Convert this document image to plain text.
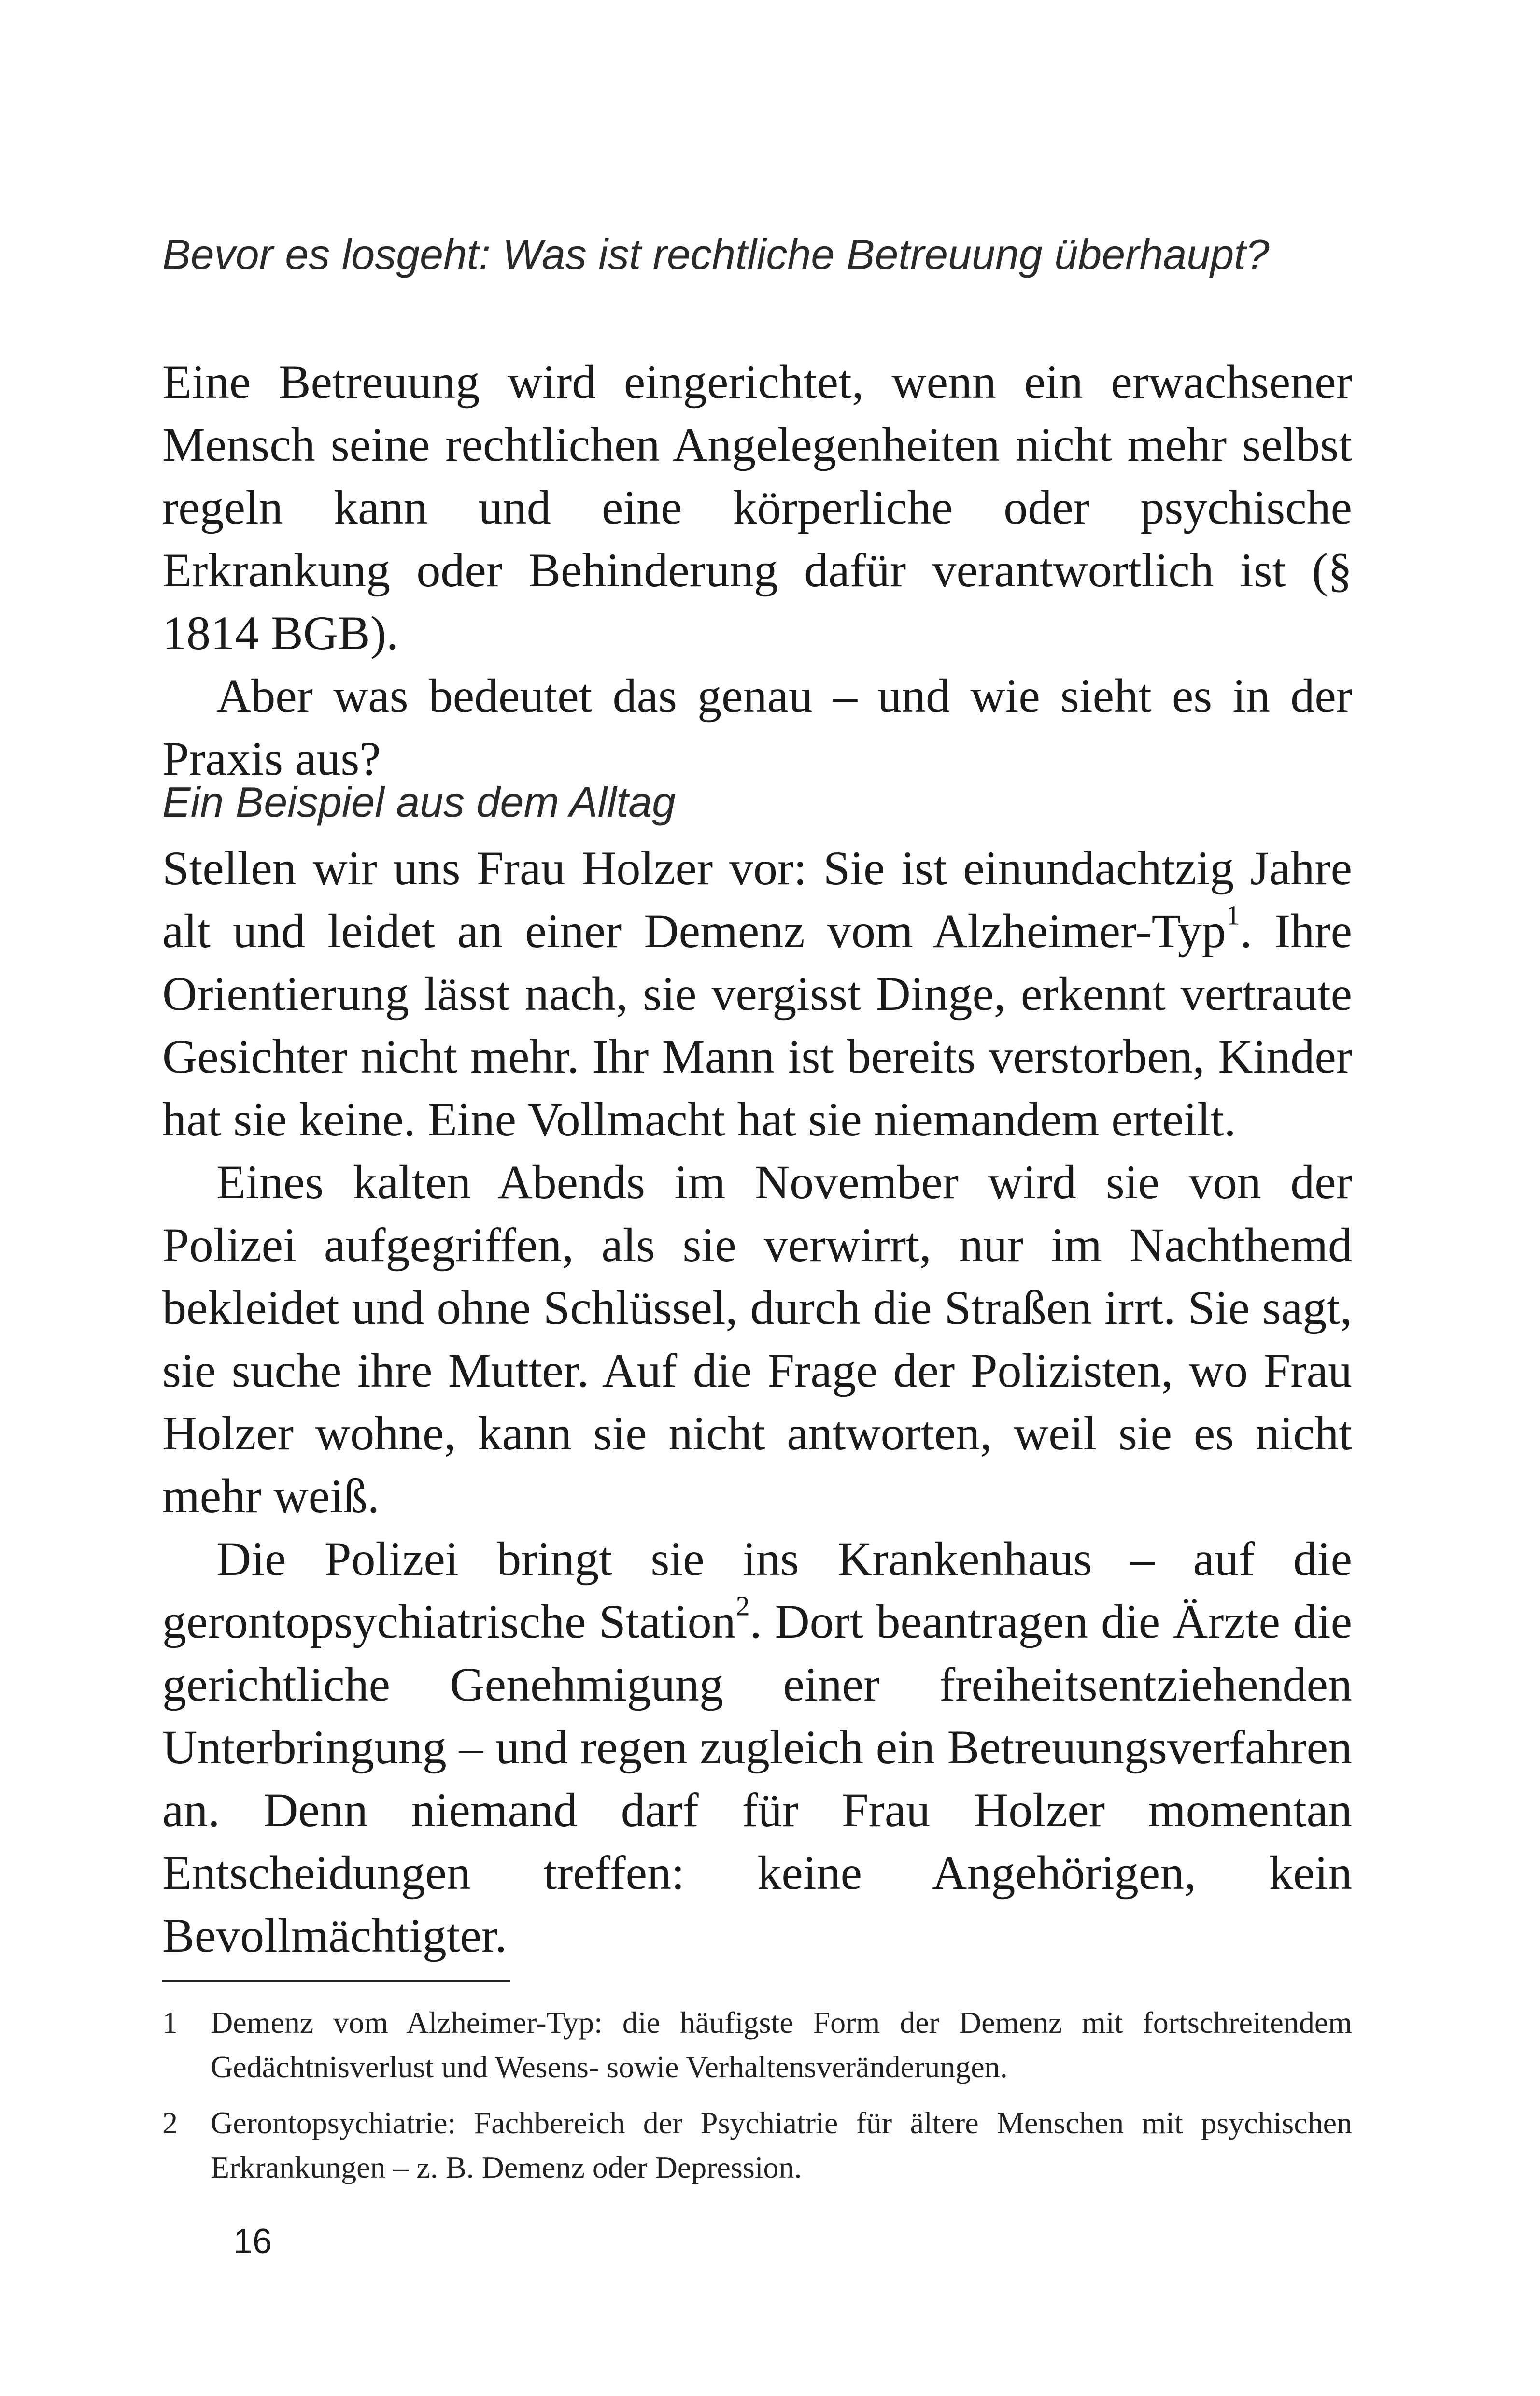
Bevor es losgeht: Was ist rechtliche Betreuung überhaupt?

Eine Betreuung wird eingerichtet, wenn ein erwachsener Mensch seine rechtlichen Angelegenheiten nicht mehr selbst regeln kann und eine körperliche oder psychische Erkrankung oder Behinderung dafür verantwortlich ist (§ 1814 BGB).

Aber was bedeutet das genau – und wie sieht es in der Praxis aus?

Ein Beispiel aus dem Alltag

Stellen wir uns Frau Holzer vor: Sie ist einundachtzig Jahre alt und leidet an einer Demenz vom Alzheimer-Typ$^1$. Ihre Orientierung lässt nach, sie vergisst Dinge, erkennt vertraute Gesichter nicht mehr. Ihr Mann ist bereits verstorben, Kinder hat sie keine. Eine Vollmacht hat sie niemandem erteilt.

Eines kalten Abends im November wird sie von der Polizei aufgegriffen, als sie verwirrt, nur im Nachthemd bekleidet und ohne Schlüssel, durch die Straßen irrt. Sie sagt, sie suche ihre Mutter. Auf die Frage der Polizisten, wo Frau Holzer wohne, kann sie nicht antworten, weil sie es nicht mehr weiß.

Die Polizei bringt sie ins Krankenhaus – auf die gerontopsychiatrische Station$^2$. Dort beantragen die Ärzte die gerichtliche Genehmigung einer freiheitsentziehenden Unterbringung – und regen zugleich ein Betreuungsverfahren an. Denn niemand darf für Frau Holzer momentan Entscheidungen treffen: keine Angehörigen, kein Bevollmächtigter.

1	Demenz vom Alzheimer-Typ: die häufigste Form der Demenz mit fortschreitendem Gedächtnisverlust und Wesens- sowie Verhaltensveränderungen.
2	Gerontopsychiatrie: Fachbereich der Psychiatrie für ältere Menschen mit psychischen Erkrankungen – z. B. Demenz oder Depression.

16
